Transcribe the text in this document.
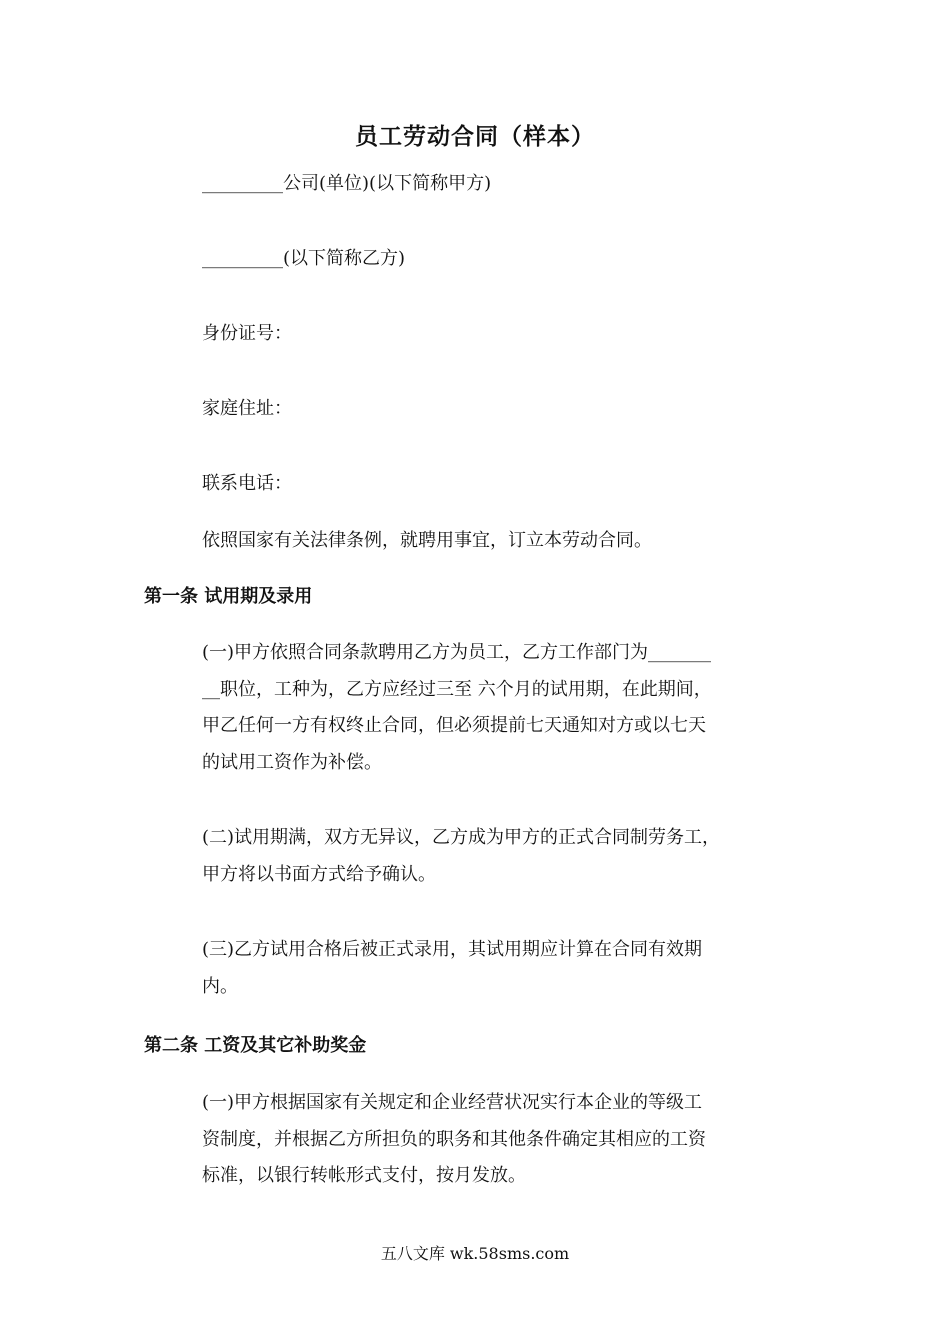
员工劳动合同（样本）
_________公司(单位)(以下简称甲方)
_________(以下简称乙方)
身份证号：
家庭住址：
联系电话：
依照国家有关法律条例，就聘用事宜，订立本劳动合同。
第一条 试用期及录用
(一)甲方依照合同条款聘用乙方为员工，乙方工作部门为_______
__职位，工种为，乙方应经过三至 六个月的试用期，在此期间，
甲乙任何一方有权终止合同，但必须提前七天通知对方或以七天
的试用工资作为补偿。
(二)试用期满，双方无异议，乙方成为甲方的正式合同制劳务工，
甲方将以书面方式给予确认。
(三)乙方试用合格后被正式录用，其试用期应计算在合同有效期
内。
第二条 工资及其它补助奖金
(一)甲方根据国家有关规定和企业经营状况实行本企业的等级工
资制度，并根据乙方所担负的职务和其他条件确定其相应的工资
标准，以银行转帐形式支付，按月发放。
五八文库 wk.58sms.com
